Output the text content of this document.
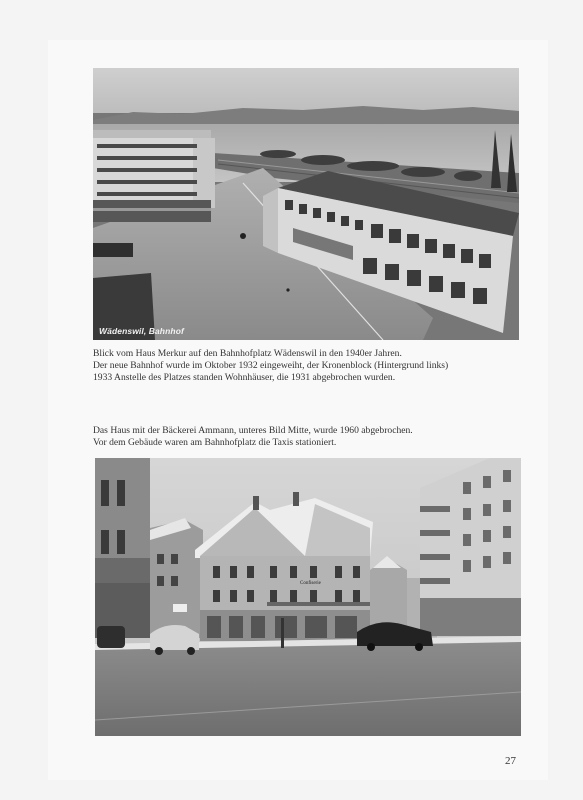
Wädenswil, Bahnhof
Blick vom Haus Merkur auf den Bahnhofplatz Wädenswil in den 1940er Jahren.
Der neue Bahnhof wurde im Oktober 1932 eingeweiht, der Kronenblock (Hintergrund links)
1933 Anstelle des Platzes standen Wohnhäuser, die 1931 abgebrochen wurden.
Das Haus mit der Bäckerei Ammann, unteres Bild Mitte, wurde 1960 abgebrochen.
Vor dem Gebäude waren am Bahnhofplatz die Taxis stationiert.
Confiserie
27
